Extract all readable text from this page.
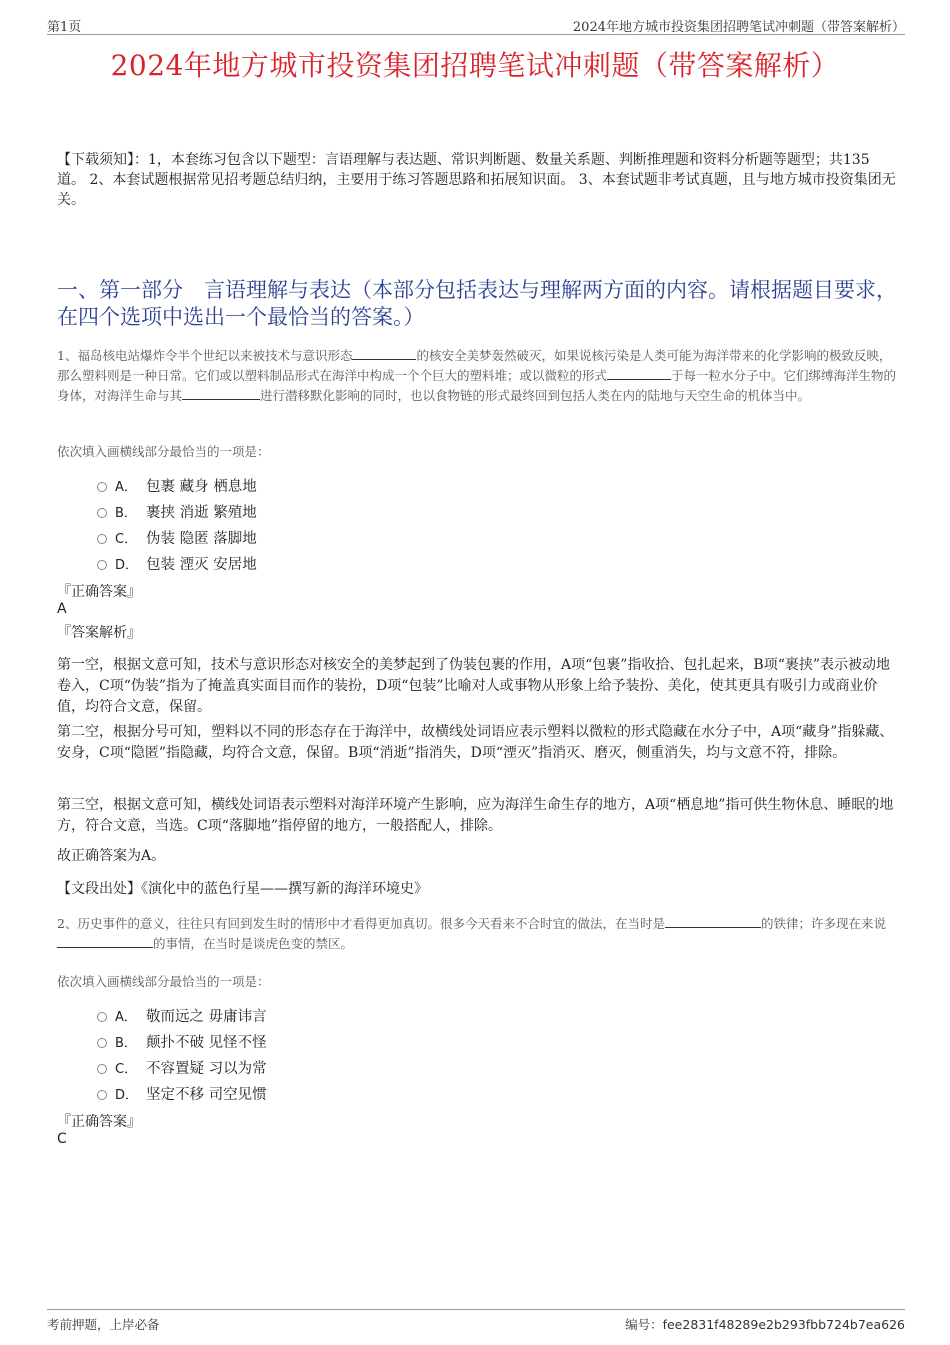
第1页	2024年地方城市投资集团招聘笔试冲刺题（带答案解析）
2024年地方城市投资集团招聘笔试冲刺题（带答案解析）
【下载须知】：1，本套练习包含以下题型：言语理解与表达题、常识判断题、数量关系题、判断推理题和资料分析题等题型；共135道。 2、本套试题根据常见招考题总结归纳，主要用于练习答题思路和拓展知识面。 3、本套试题非考试真题，且与地方城市投资集团无关。
一、第一部分　言语理解与表达（本部分包括表达与理解两方面的内容。请根据题目要求，在四个选项中选出一个最恰当的答案。）
1、福岛核电站爆炸令半个世纪以来被技术与意识形态	的核安全美梦轰然破灭，如果说核污染是人类可能为海洋带来的化学影响的极致反映，那么塑料则是一种日常。它们或以塑料制品形式在海洋中构成一个个巨大的塑料堆；或以微粒的形式	于每一粒水分子中。它们绑缚海洋生物的身体，对海洋生命与其	进行潜移默化影响的同时，也以食物链的形式最终回到包括人类在内的陆地与天空生命的机体当中。
依次填入画横线部分最恰当的一项是：
A． 包裹 藏身 栖息地
B． 裹挟 消逝 繁殖地
C． 伪装 隐匿 落脚地
D． 包装 湮灭 安居地
『正确答案』
A
『答案解析』
第一空，根据文意可知，技术与意识形态对核安全的美梦起到了伪装包裹的作用，A项“包裹”指收拾、包扎起来，B项“裹挟”表示被动地卷入，C项“伪装”指为了掩盖真实面目而作的装扮，D项“包装”比喻对人或事物从形象上给予装扮、美化，使其更具有吸引力或商业价值，均符合文意，保留。
第二空，根据分号可知，塑料以不同的形态存在于海洋中，故横线处词语应表示塑料以微粒的形式隐藏在水分子中，A项“藏身”指躲藏、安身，C项“隐匿”指隐藏，均符合文意，保留。B项“消逝”指消失，D项“湮灭”指消灭、磨灭，侧重消失，均与文意不符，排除。
第三空，根据文意可知，横线处词语表示塑料对海洋环境产生影响，应为海洋生命生存的地方，A项“栖息地”指可供生物休息、睡眠的地方，符合文意，当选。C项“落脚地”指停留的地方，一般搭配人，排除。
故正确答案为A。
【文段出处】《演化中的蓝色行星——撰写新的海洋环境史》
2、历史事件的意义，往往只有回到发生时的情形中才看得更加真切。很多今天看来不合时宜的做法，在当时是	的铁律；许多现在来说的事情，在当时是谈虎色变的禁区。
依次填入画横线部分最恰当的一项是：
A． 敬而远之 毋庸讳言
B． 颠扑不破 见怪不怪
C． 不容置疑 习以为常
D． 坚定不移 司空见惯
『正确答案』
C
考前押题，上岸必备	编号：fee2831f48289e2b293fbb724b7ea626
